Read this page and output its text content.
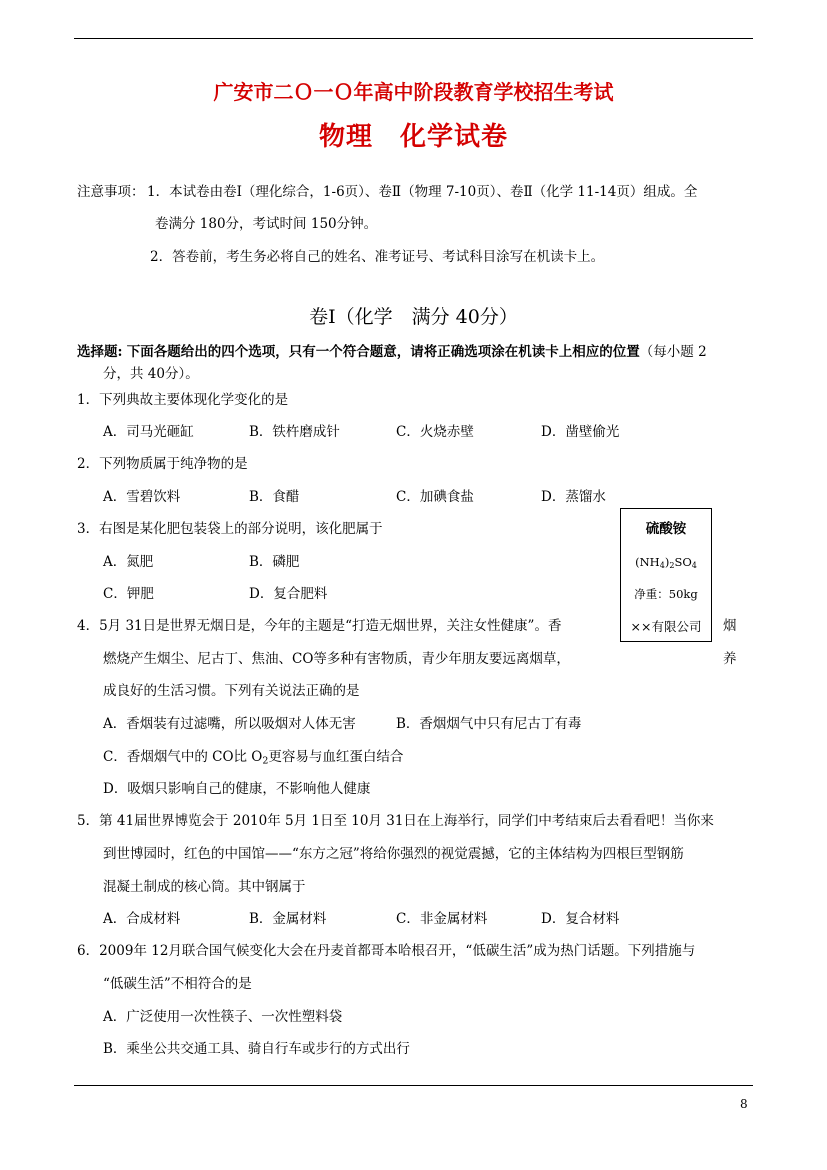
广安市二Ｏ一Ｏ年高中阶段教育学校招生考试
物理　化学试卷
注意事项： 1．本试卷由卷Ⅰ（理化综合，1-6页）、卷Ⅱ（物理 7-10页）、卷Ⅱ（化学 11-14页）组成。全
卷满分 180分，考试时间 150分钟。
2．答卷前，考生务必将自己的姓名、准考证号、考试科目涂写在机读卡上。
卷Ⅰ（化学　满分 40分）
选择题: 下面各题给出的四个选项，只有一个符合题意，请将正确选项涂在机读卡上相应的位置（每小题 2
分，共 40分）。
1．下列典故主要体现化学变化的是
A．司马光砸缸	B．铁杵磨成针	C．火烧赤壁	D．凿壁偷光
2．下列物质属于纯净物的是
A．雪碧饮料	B．食醋	C．加碘食盐	D．蒸馏水
3．右图是某化肥包装袋上的部分说明，该化肥属于
A．氮肥	B．磷肥
C．钾肥	D．复合肥料
硫酸铵
$(NH_4)_2SO_4$
净重：50kg
××有限公司
4．5月 31日是世界无烟日是，今年的主题是“打造无烟世界，关注女性健康”。香	烟
燃烧产生烟尘、尼古丁、焦油、CO等多种有害物质，青少年朋友要远离烟草，	养
成良好的生活习惯。下列有关说法正确的是
A．香烟装有过滤嘴，所以吸烟对人体无害	B．香烟烟气中只有尼古丁有毒
C．香烟烟气中的 CO比 $O_2$更容易与血红蛋白结合
D．吸烟只影响自己的健康，不影响他人健康
5．第 41届世界博览会于 2010年 5月 1日至 10月 31日在上海举行，同学们中考结束后去看看吧！当你来
到世博园时，红色的中国馆——“东方之冠”将给你强烈的视觉震撼，它的主体结构为四根巨型钢筋
混凝土制成的核心筒。其中钢属于
A．合成材料	B．金属材料	C．非金属材料	D．复合材料
6．2009年 12月联合国气候变化大会在丹麦首都哥本哈根召开，“低碳生活”成为热门话题。下列措施与
“低碳生活”不相符合的是
A．广泛使用一次性筷子、一次性塑料袋
B．乘坐公共交通工具、骑自行车或步行的方式出行
8
